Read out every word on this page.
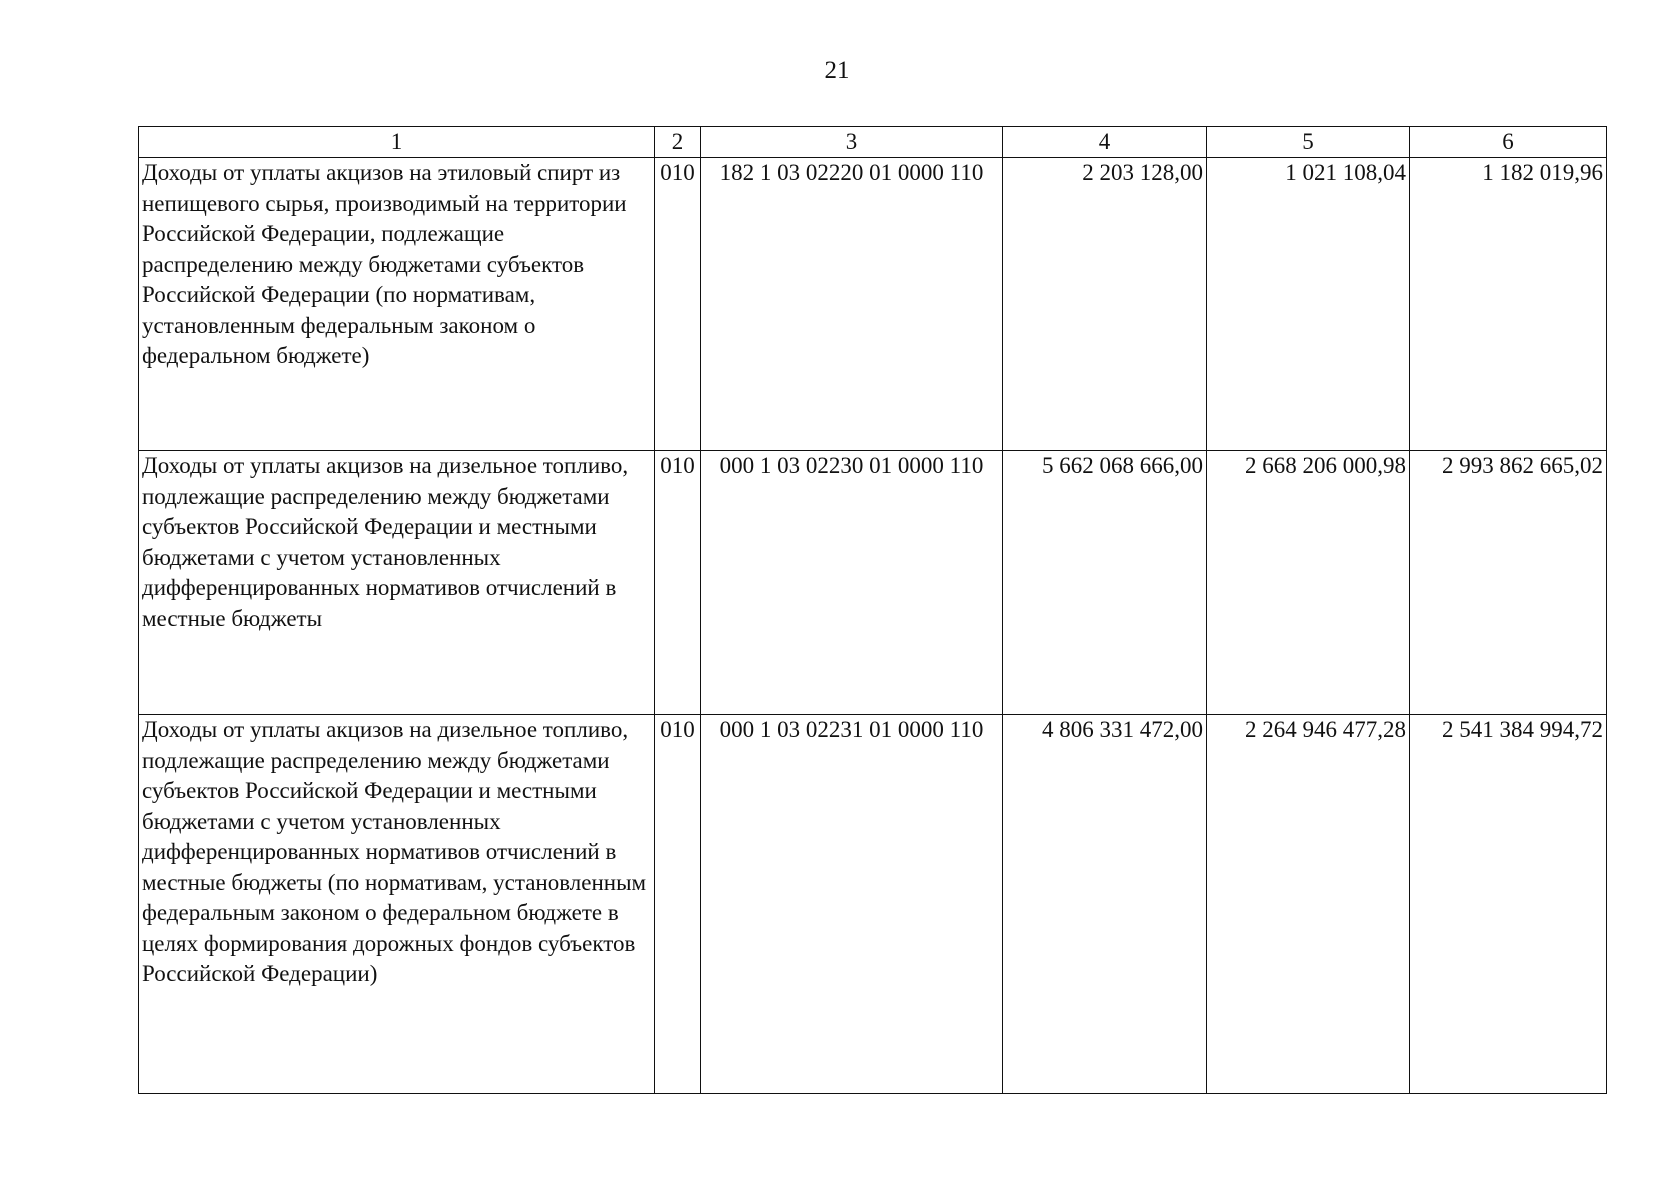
21
1	2	3	4	5	6
Доходы от уплаты акцизов на этиловый спирт из непищевого сырья, производимый на территории Российской Федерации, подлежащие распределению между бюджетами субъектов Российской Федерации (по нормативам, установленным федеральным законом о федеральном бюджете)	010	182 1 03 02220 01 0000 110	2 203 128,00	1 021 108,04	1 182 019,96
Доходы от уплаты акцизов на дизельное топливо, подлежащие распределению между бюджетами субъектов Российской Федерации и местными бюджетами с учетом установленных дифференцированных нормативов отчислений в местные бюджеты	010	000 1 03 02230 01 0000 110	5 662 068 666,00	2 668 206 000,98	2 993 862 665,02
Доходы от уплаты акцизов на дизельное топливо, подлежащие распределению между бюджетами субъектов Российской Федерации и местными бюджетами с учетом установленных дифференцированных нормативов отчислений в местные бюджеты (по нормативам, установленным федеральным законом о федеральном бюджете в целях формирования дорожных фондов субъектов Российской Федерации)	010	000 1 03 02231 01 0000 110	4 806 331 472,00	2 264 946 477,28	2 541 384 994,72
